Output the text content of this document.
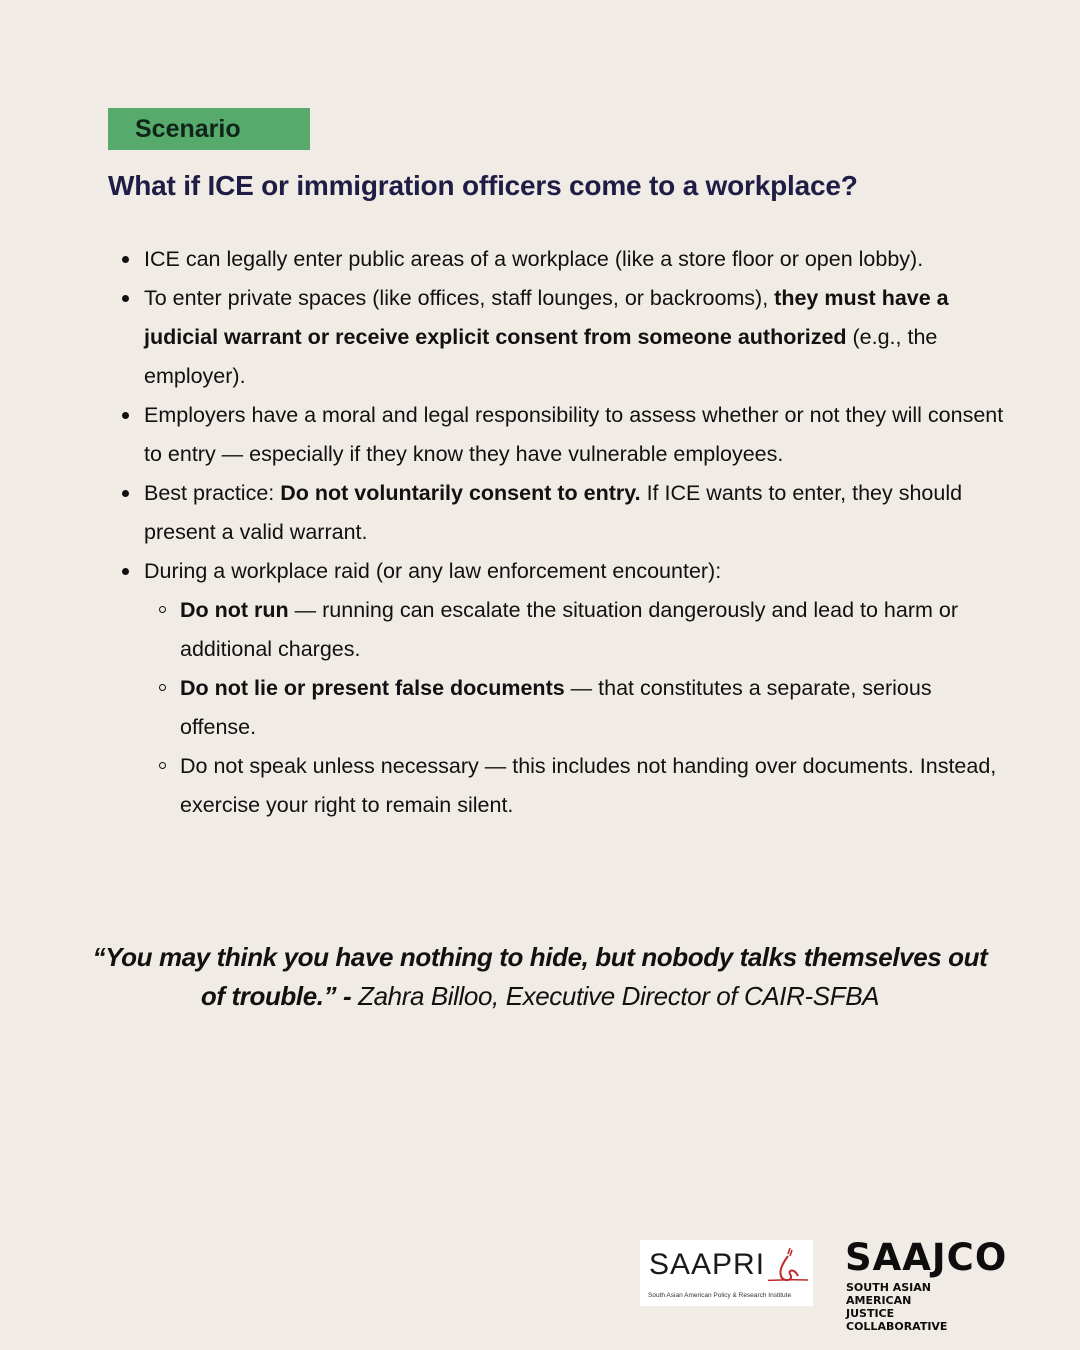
Scenario
What if ICE or immigration officers come to a workplace?
ICE can legally enter public areas of a workplace (like a store floor or open lobby).
To enter private spaces (like offices, staff lounges, or backrooms), they must have a judicial warrant or receive explicit consent from someone authorized (e.g., the employer).
Employers have a moral and legal responsibility to assess whether or not they will consent to entry — especially if they know they have vulnerable employees.
Best practice: Do not voluntarily consent to entry. If ICE wants to enter, they should present a valid warrant.
During a workplace raid (or any law enforcement encounter):
Do not run — running can escalate the situation dangerously and lead to harm or additional charges.
Do not lie or present false documents — that constitutes a separate, serious offense.
Do not speak unless necessary — this includes not handing over documents. Instead, exercise your right to remain silent.
“You may think you have nothing to hide, but nobody talks themselves out of trouble.” - Zahra Billoo, Executive Director of CAIR-SFBA
SAAPRI
South Asian American Policy & Research Institute
SAAJCO
SOUTH ASIAN AMERICAN
JUSTICE COLLABORATIVE
